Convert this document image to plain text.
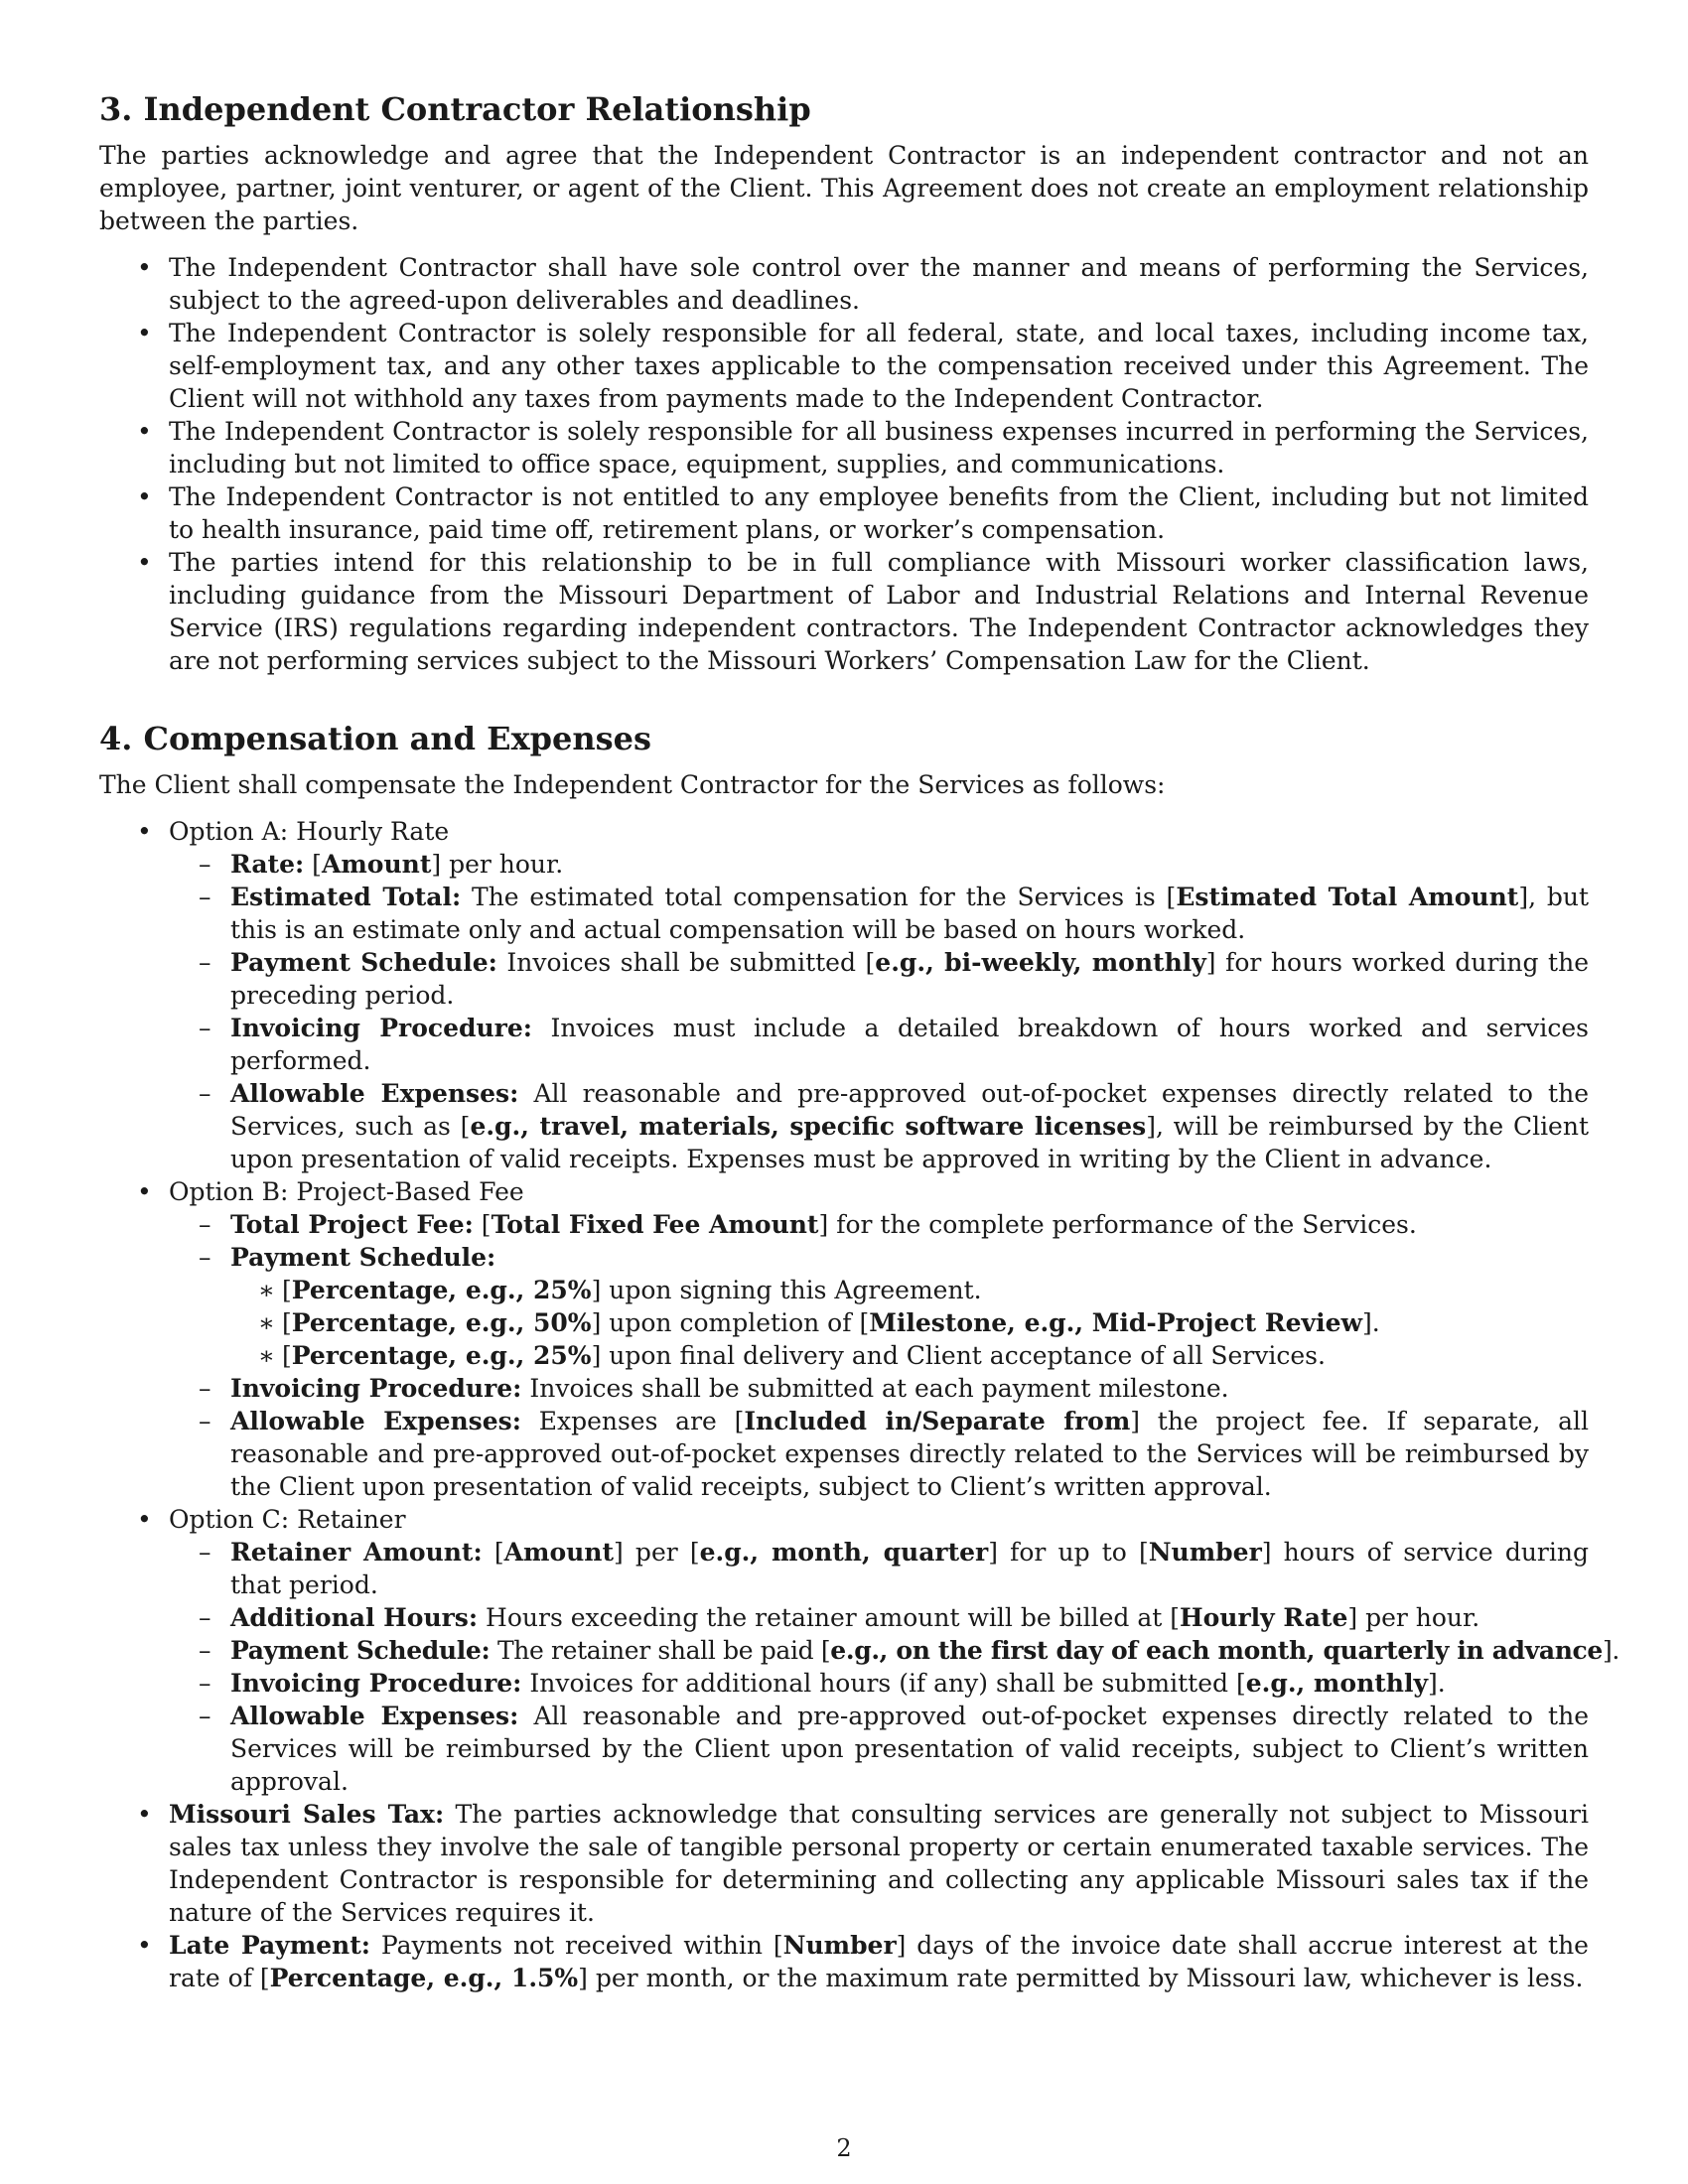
3. Independent Contractor Relationship

The parties acknowledge and agree that the Independent Contractor is an independent contractor and not an employee, partner, joint venturer, or agent of the Client. This Agreement does not create an employment relationship between the parties.

• The Independent Contractor shall have sole control over the manner and means of performing the Services, subject to the agreed-upon deliverables and deadlines.
• The Independent Contractor is solely responsible for all federal, state, and local taxes, including income tax, self-employment tax, and any other taxes applicable to the compensation received under this Agreement. The Client will not withhold any taxes from payments made to the Independent Contractor.
• The Independent Contractor is solely responsible for all business expenses incurred in performing the Services, including but not limited to office space, equipment, supplies, and communications.
• The Independent Contractor is not entitled to any employee benefits from the Client, including but not limited to health insurance, paid time off, retirement plans, or worker’s compensation.
• The parties intend for this relationship to be in full compliance with Missouri worker classification laws, including guidance from the Missouri Department of Labor and Industrial Relations and Internal Revenue Service (IRS) regulations regarding independent contractors. The Independent Contractor acknowledges they are not performing services subject to the Missouri Workers’ Compensation Law for the Client.
4. Compensation and Expenses

The Client shall compensate the Independent Contractor for the Services as follows:

• Option A: Hourly Rate
– Rate: [Amount] per hour.
– Estimated Total: The estimated total compensation for the Services is [Estimated Total Amount], but this is an estimate only and actual compensation will be based on hours worked.
– Payment Schedule: Invoices shall be submitted [e.g., bi-weekly, monthly] for hours worked during the preceding period.
– Invoicing Procedure: Invoices must include a detailed breakdown of hours worked and services performed.
– Allowable Expenses: All reasonable and pre-approved out-of-pocket expenses directly related to the Services, such as [e.g., travel, materials, specific software licenses], will be reimbursed by the Client upon presentation of valid receipts. Expenses must be approved in writing by the Client in advance.
• Option B: Project-Based Fee
– Total Project Fee: [Total Fixed Fee Amount] for the complete performance of the Services.
– Payment Schedule:
∗ [Percentage, e.g., 25%] upon signing this Agreement.
∗ [Percentage, e.g., 50%] upon completion of [Milestone, e.g., Mid-Project Review].
∗ [Percentage, e.g., 25%] upon final delivery and Client acceptance of all Services.
– Invoicing Procedure: Invoices shall be submitted at each payment milestone.
– Allowable Expenses: Expenses are [Included in/Separate from] the project fee. If separate, all reasonable and pre-approved out-of-pocket expenses directly related to the Services will be reimbursed by the Client upon presentation of valid receipts, subject to Client’s written approval.
• Option C: Retainer
– Retainer Amount: [Amount] per [e.g., month, quarter] for up to [Number] hours of service during that period.
– Additional Hours: Hours exceeding the retainer amount will be billed at [Hourly Rate] per hour.
– Payment Schedule: The retainer shall be paid [e.g., on the first day of each month, quarterly in advance].
– Invoicing Procedure: Invoices for additional hours (if any) shall be submitted [e.g., monthly].
– Allowable Expenses: All reasonable and pre-approved out-of-pocket expenses directly related to the Services will be reimbursed by the Client upon presentation of valid receipts, subject to Client’s written approval.
• Missouri Sales Tax: The parties acknowledge that consulting services are generally not subject to Missouri sales tax unless they involve the sale of tangible personal property or certain enumerated taxable services. The Independent Contractor is responsible for determining and collecting any applicable Missouri sales tax if the nature of the Services requires it.
• Late Payment: Payments not received within [Number] days of the invoice date shall accrue interest at the rate of [Percentage, e.g., 1.5%] per month, or the maximum rate permitted by Missouri law, whichever is less.
2
